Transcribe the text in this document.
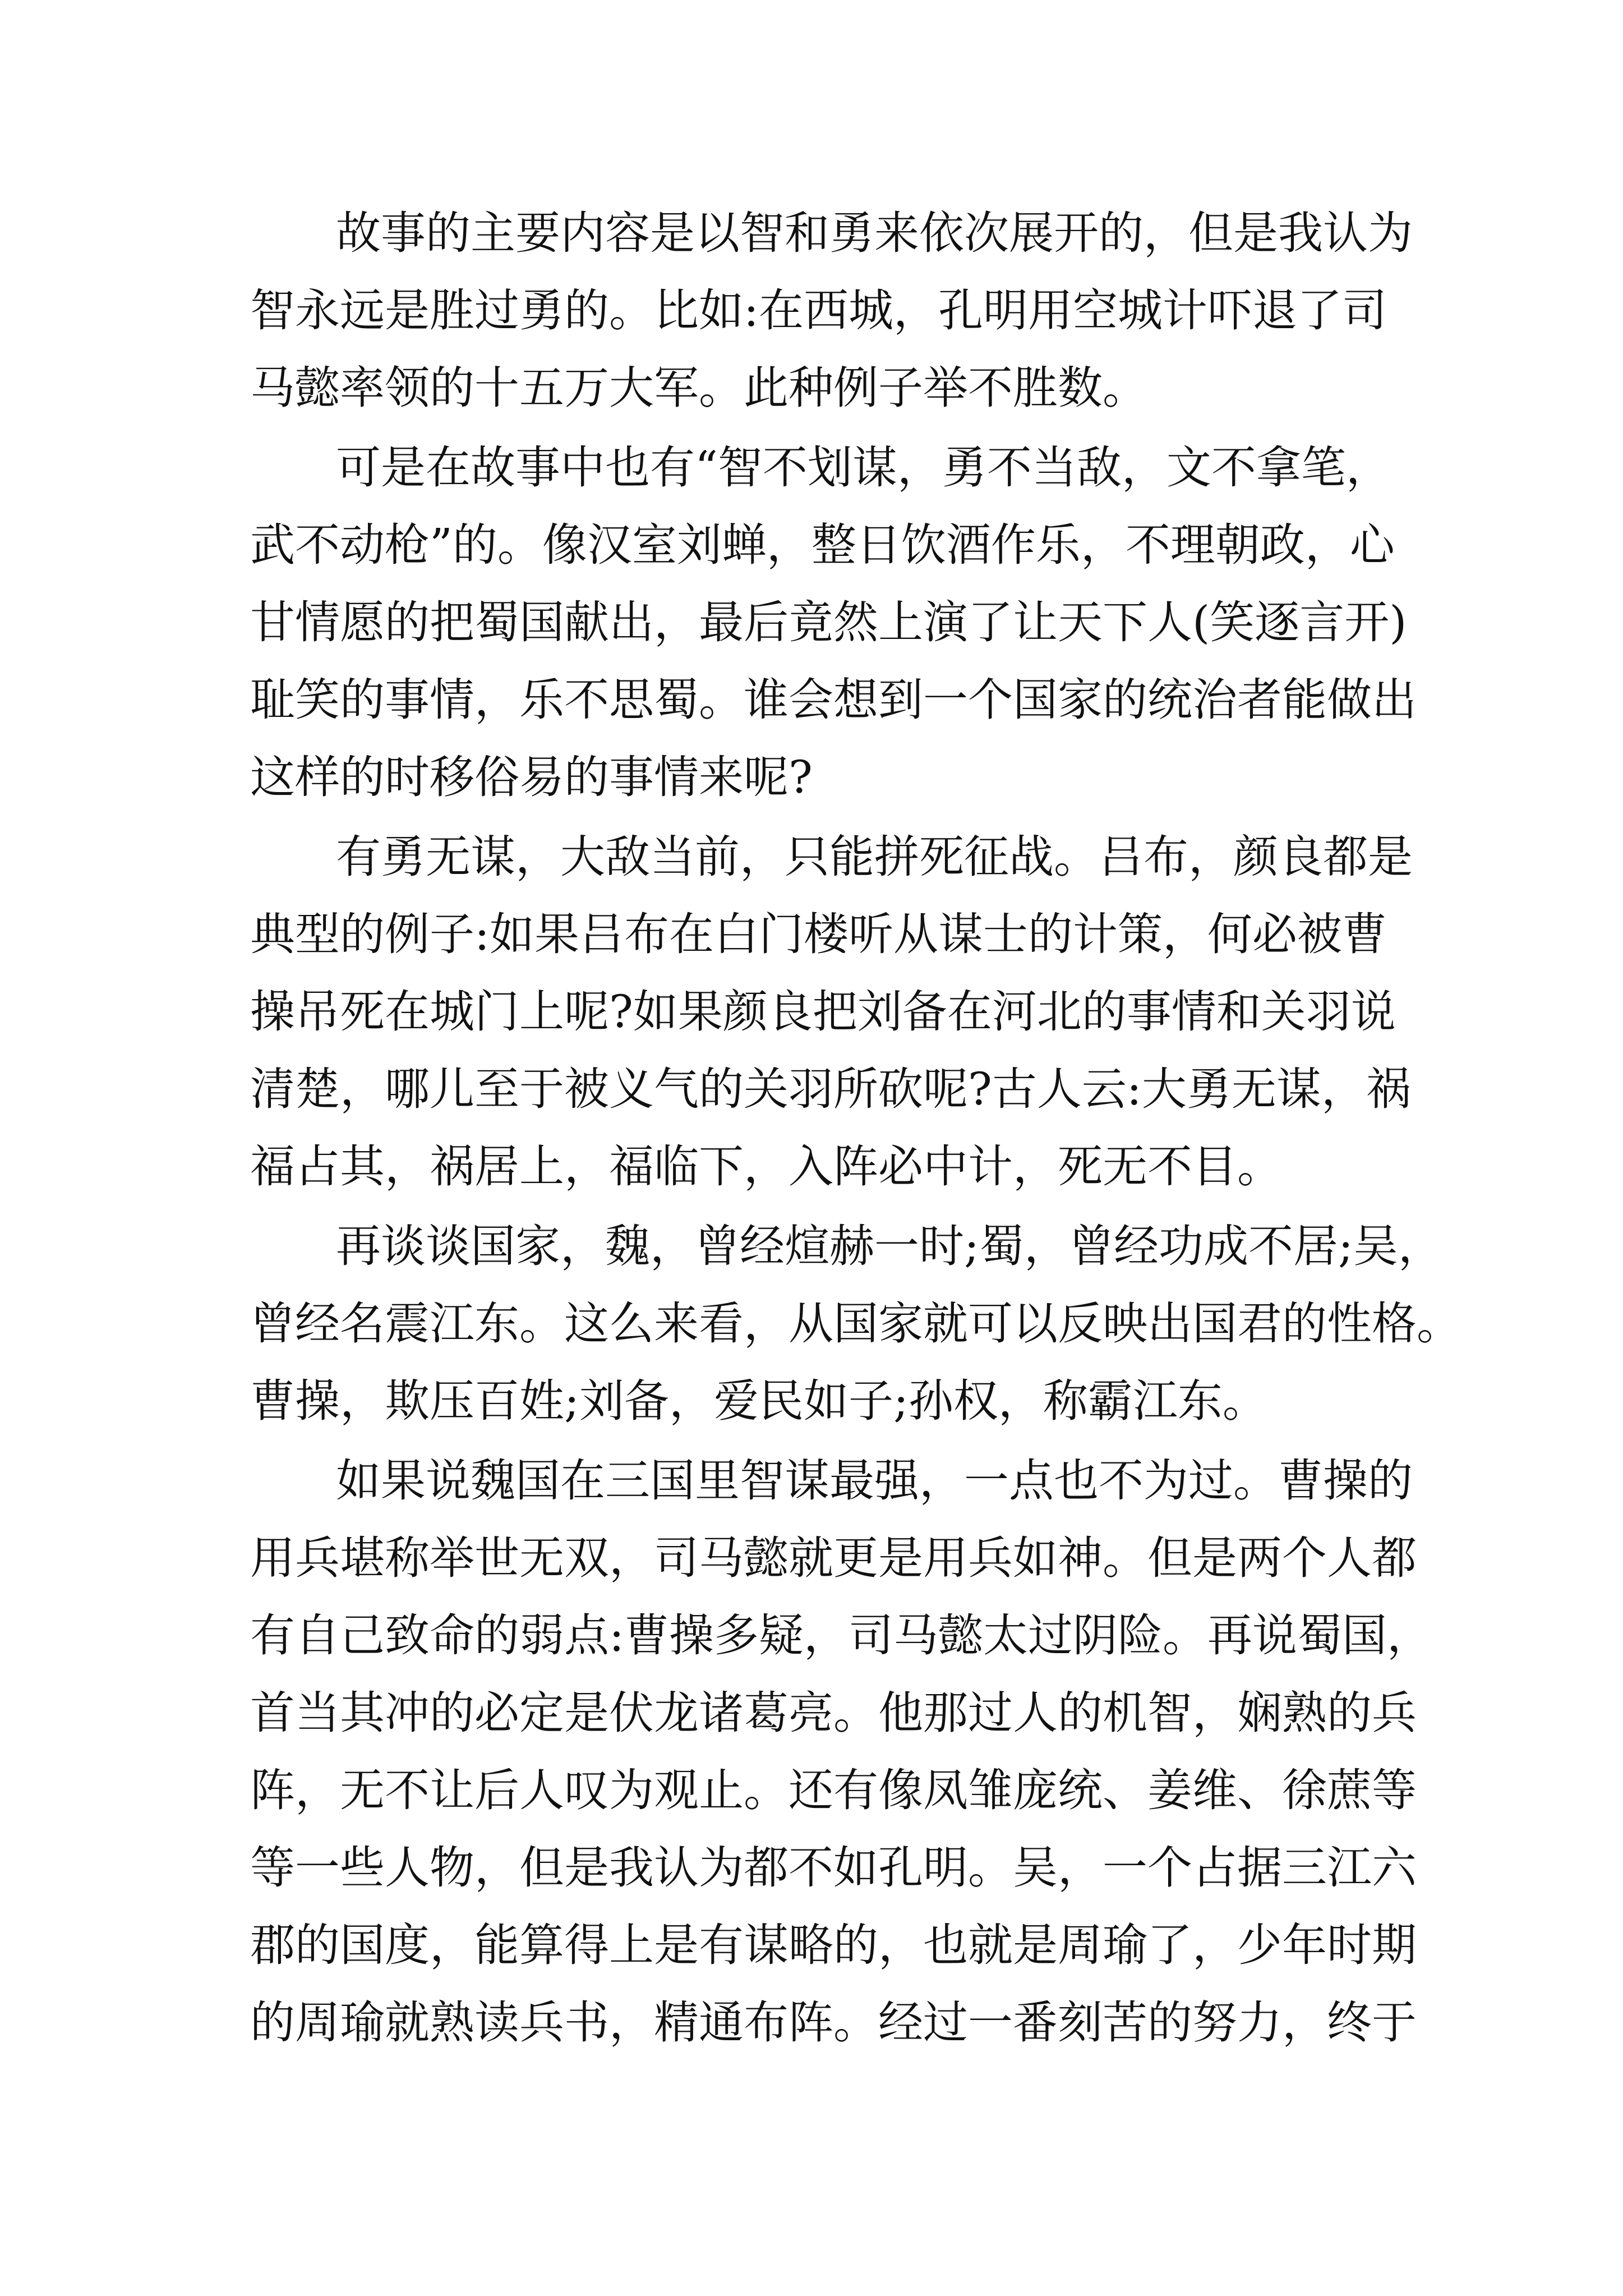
故事的主要内容是以智和勇来依次展开的，但是我认为
智永远是胜过勇的。比如:在西城，孔明用空城计吓退了司
马懿率领的十五万大军。此种例子举不胜数。
可是在故事中也有“智不划谋，勇不当敌，文不拿笔，
武不动枪”的。像汉室刘蝉，整日饮酒作乐，不理朝政，心
甘情愿的把蜀国献出，最后竟然上演了让天下人(笑逐言开)
耻笑的事情，乐不思蜀。谁会想到一个国家的统治者能做出
这样的时移俗易的事情来呢?
有勇无谋，大敌当前，只能拼死征战。吕布，颜良都是
典型的例子:如果吕布在白门楼听从谋士的计策，何必被曹
操吊死在城门上呢?如果颜良把刘备在河北的事情和关羽说
清楚，哪儿至于被义气的关羽所砍呢?古人云:大勇无谋，祸
福占其，祸居上，福临下，入阵必中计，死无不目。
再谈谈国家，魏，曾经煊赫一时;蜀，曾经功成不居;吴，
曾经名震江东。这么来看，从国家就可以反映出国君的性格。
曹操，欺压百姓;刘备，爱民如子;孙权，称霸江东。
如果说魏国在三国里智谋最强，一点也不为过。曹操的
用兵堪称举世无双，司马懿就更是用兵如神。但是两个人都
有自己致命的弱点:曹操多疑，司马懿太过阴险。再说蜀国，
首当其冲的必定是伏龙诸葛亮。他那过人的机智，娴熟的兵
阵，无不让后人叹为观止。还有像凤雏庞统、姜维、徐蔗等
等一些人物，但是我认为都不如孔明。吴，一个占据三江六
郡的国度，能算得上是有谋略的，也就是周瑜了，少年时期
的周瑜就熟读兵书，精通布阵。经过一番刻苦的努力，终于
